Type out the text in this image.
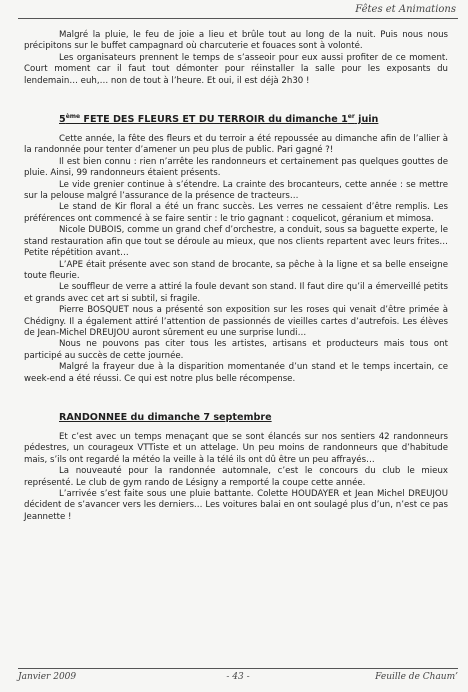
Fêtes et Animations

Malgré la pluie, le feu de joie a lieu et brûle tout au long de la nuit. Puis nous nous précipitons sur le buffet campagnard où charcuterie et fouaces sont à volonté.

Les organisateurs prennent le temps de s’asseoir pour eux aussi profiter de ce moment. Court moment car il faut tout démonter pour réinstaller la salle pour les exposants du lendemain… euh,… non de tout à l’heure. Et oui, il est déjà 2h30 !

5ème FETE DES FLEURS ET DU TERROIR du dimanche 1er juin

Cette année, la fête des fleurs et du terroir a été repoussée au dimanche afin de l’allier à la randonnée pour tenter d’amener un peu plus de public. Pari gagné ?!

Il est bien connu : rien n’arrête les randonneurs et certainement pas quelques gouttes de pluie. Ainsi, 99 randonneurs étaient présents.

Le vide grenier continue à s’étendre. La crainte des brocanteurs, cette année : se mettre sur la pelouse malgré l’assurance de la présence de tracteurs…

Le stand de Kir floral a été un franc succès. Les verres ne cessaient d’être remplis. Les préférences ont commencé à se faire sentir : le trio gagnant : coquelicot, géranium et mimosa.

Nicole DUBOIS, comme un grand chef d’orchestre, a conduit, sous sa baguette experte, le stand restauration afin que tout se déroule au mieux, que nos clients repartent avec leurs frites… Petite répétition avant…

L’APE était présente avec son stand de brocante, sa pêche à la ligne et sa belle enseigne toute fleurie.

Le souffleur de verre a attiré la foule devant son stand. Il faut dire qu’il a émerveillé petits et grands avec cet art si subtil, si fragile.

Pierre BOSQUET nous a présenté son exposition sur les roses qui venait d’être primée à Chédigny. Il a également attiré l’attention de passionnés de vieilles cartes d’autrefois. Les élèves de Jean-Michel DREUJOU auront sûrement eu une surprise lundi…

Nous ne pouvons pas citer tous les artistes, artisans et producteurs mais tous ont participé au succès de cette journée.

Malgré la frayeur due à la disparition momentanée d’un stand et le temps incertain, ce week-end a été réussi. Ce qui est notre plus belle récompense.

RANDONNEE du dimanche 7 septembre

Et c’est avec un temps menaçant que se sont élancés sur nos sentiers 42 randonneurs pédestres, un courageux VTTiste et un attelage. Un peu moins de randonneurs que d’habitude mais, s’ils ont regardé la météo la veille à la télé ils ont dû être un peu affrayés…

La nouveauté pour la randonnée automnale, c’est le concours du club le mieux représenté. Le club de gym rando de Lésigny a remporté la coupe cette année.

L’arrivée s’est faite sous une pluie battante. Colette HOUDAYER et Jean Michel DREUJOU décident de s’avancer vers les derniers… Les voitures balai en ont soulagé plus d’un, n’est ce pas Jeannette !

Janvier 2009	- 43 -	Feuille de Chaum’
